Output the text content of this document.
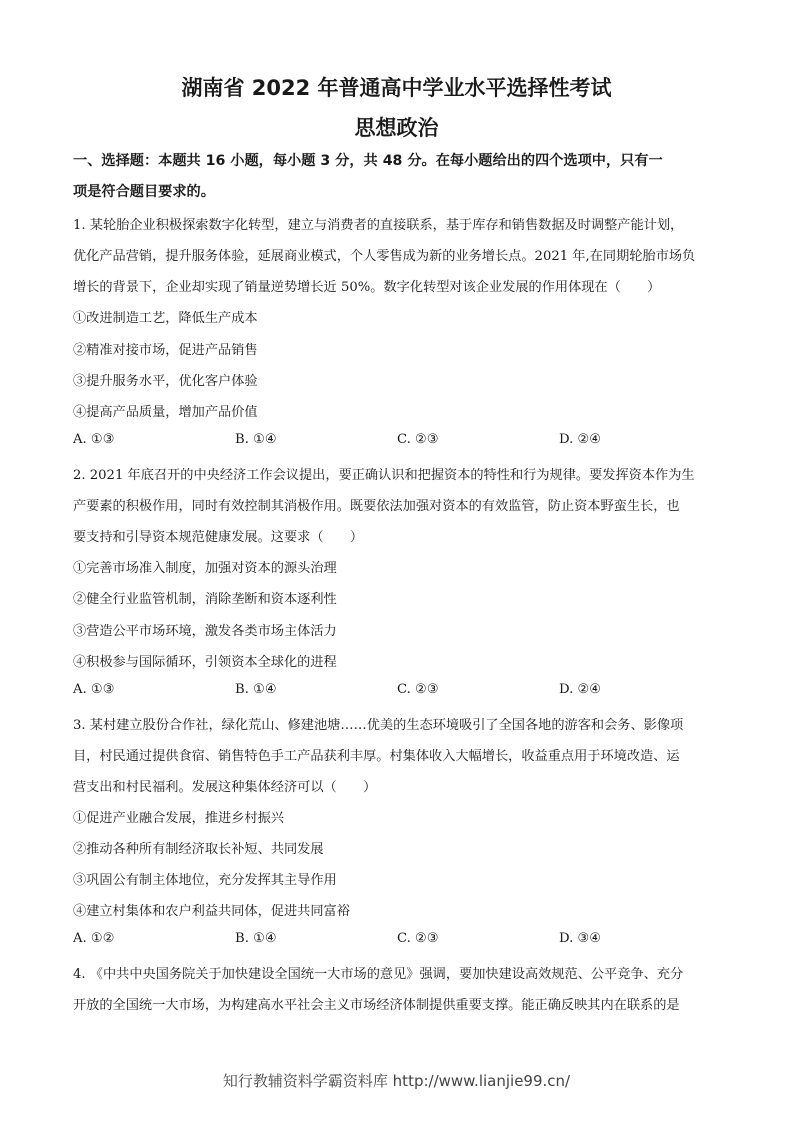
湖南省 2022 年普通高中学业水平选择性考试
思想政治
一、选择题：本题共 16 小题，每小题 3 分，共 48 分。在每小题给出的四个选项中，只有一
项是符合题目要求的。
1. 某轮胎企业积极探索数字化转型，建立与消费者的直接联系，基于库存和销售数据及时调整产能计划，
优化产品营销，提升服务体验，延展商业模式，个人零售成为新的业务增长点。2021 年,在同期轮胎市场负
增长的背景下，企业却实现了销量逆势增长近 50%。数字化转型对该企业发展的作用体现在（　　）
①改进制造工艺，降低生产成本
②精准对接市场，促进产品销售
③提升服务水平，优化客户体验
④提高产品质量，增加产品价值
A. ①③	B. ①④	C. ②③	D. ②④
2. 2021 年底召开的中央经济工作会议提出，要正确认识和把握资本的特性和行为规律。要发挥资本作为生
产要素的积极作用，同时有效控制其消极作用。既要依法加强对资本的有效监管，防止资本野蛮生长，也
要支持和引导资本规范健康发展。这要求（　　）
①完善市场准入制度，加强对资本的源头治理
②健全行业监管机制，消除垄断和资本逐利性
③营造公平市场环境，激发各类市场主体活力
④积极参与国际循环，引领资本全球化的进程
A. ①③	B. ①④	C. ②③	D. ②④
3. 某村建立股份合作社，绿化荒山、修建池塘……优美的生态环境吸引了全国各地的游客和会务、影像项
目，村民通过提供食宿、销售特色手工产品获利丰厚。村集体收入大幅增长，收益重点用于环境改造、运
营支出和村民福利。发展这种集体经济可以（　　）
①促进产业融合发展，推进乡村振兴
②推动各种所有制经济取长补短、共同发展
③巩固公有制主体地位，充分发挥其主导作用
④建立村集体和农户利益共同体，促进共同富裕
A. ①②	B. ①④	C. ②③	D. ③④
4. 《中共中央国务院关于加快建设全国统一大市场的意见》强调，要加快建设高效规范、公平竞争、充分
开放的全国统一大市场，为构建高水平社会主义市场经济体制提供重要支撑。能正确反映其内在联系的是
知行教辅资料学霸资料库 http://www.lianjie99.cn/
